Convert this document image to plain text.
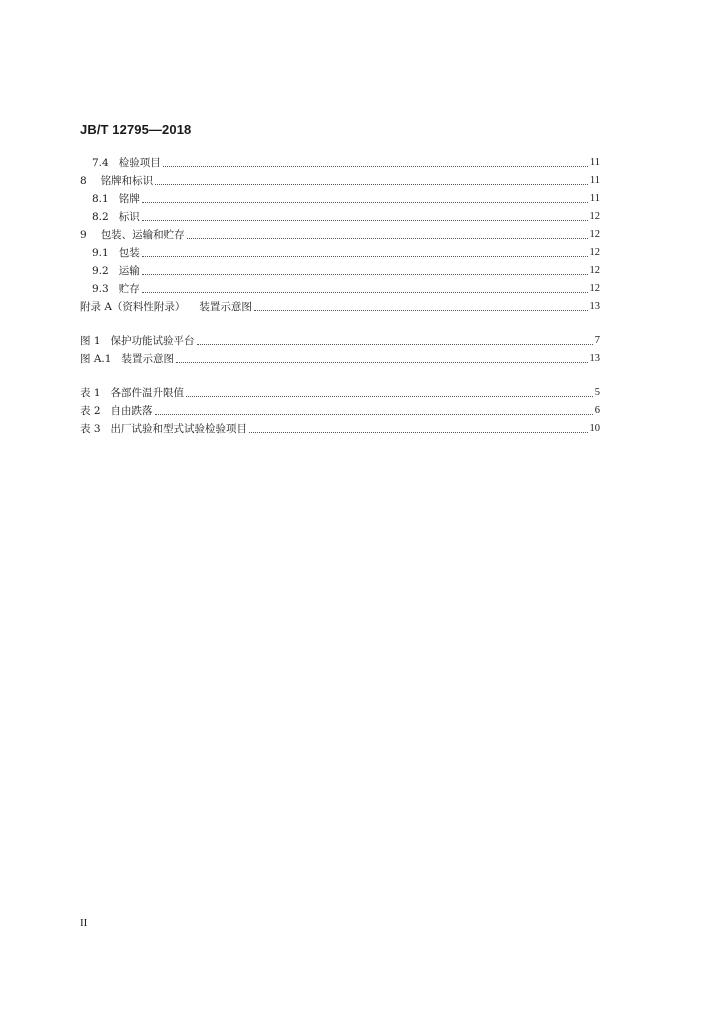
JB/T 12795—2018
7.4 检验项目	11
8 铭牌和标识	11
8.1 铭牌	11
8.2 标识	12
9 包装、运输和贮存	12
9.1 包装	12
9.2 运输	12
9.3 贮存	12
附录 A（资料性附录） 装置示意图	13
图 1 保护功能试验平台	7
图 A.1 装置示意图	13
表 1 各部件温升限值	5
表 2 自由跌落	6
表 3 出厂试验和型式试验检验项目	10
II
